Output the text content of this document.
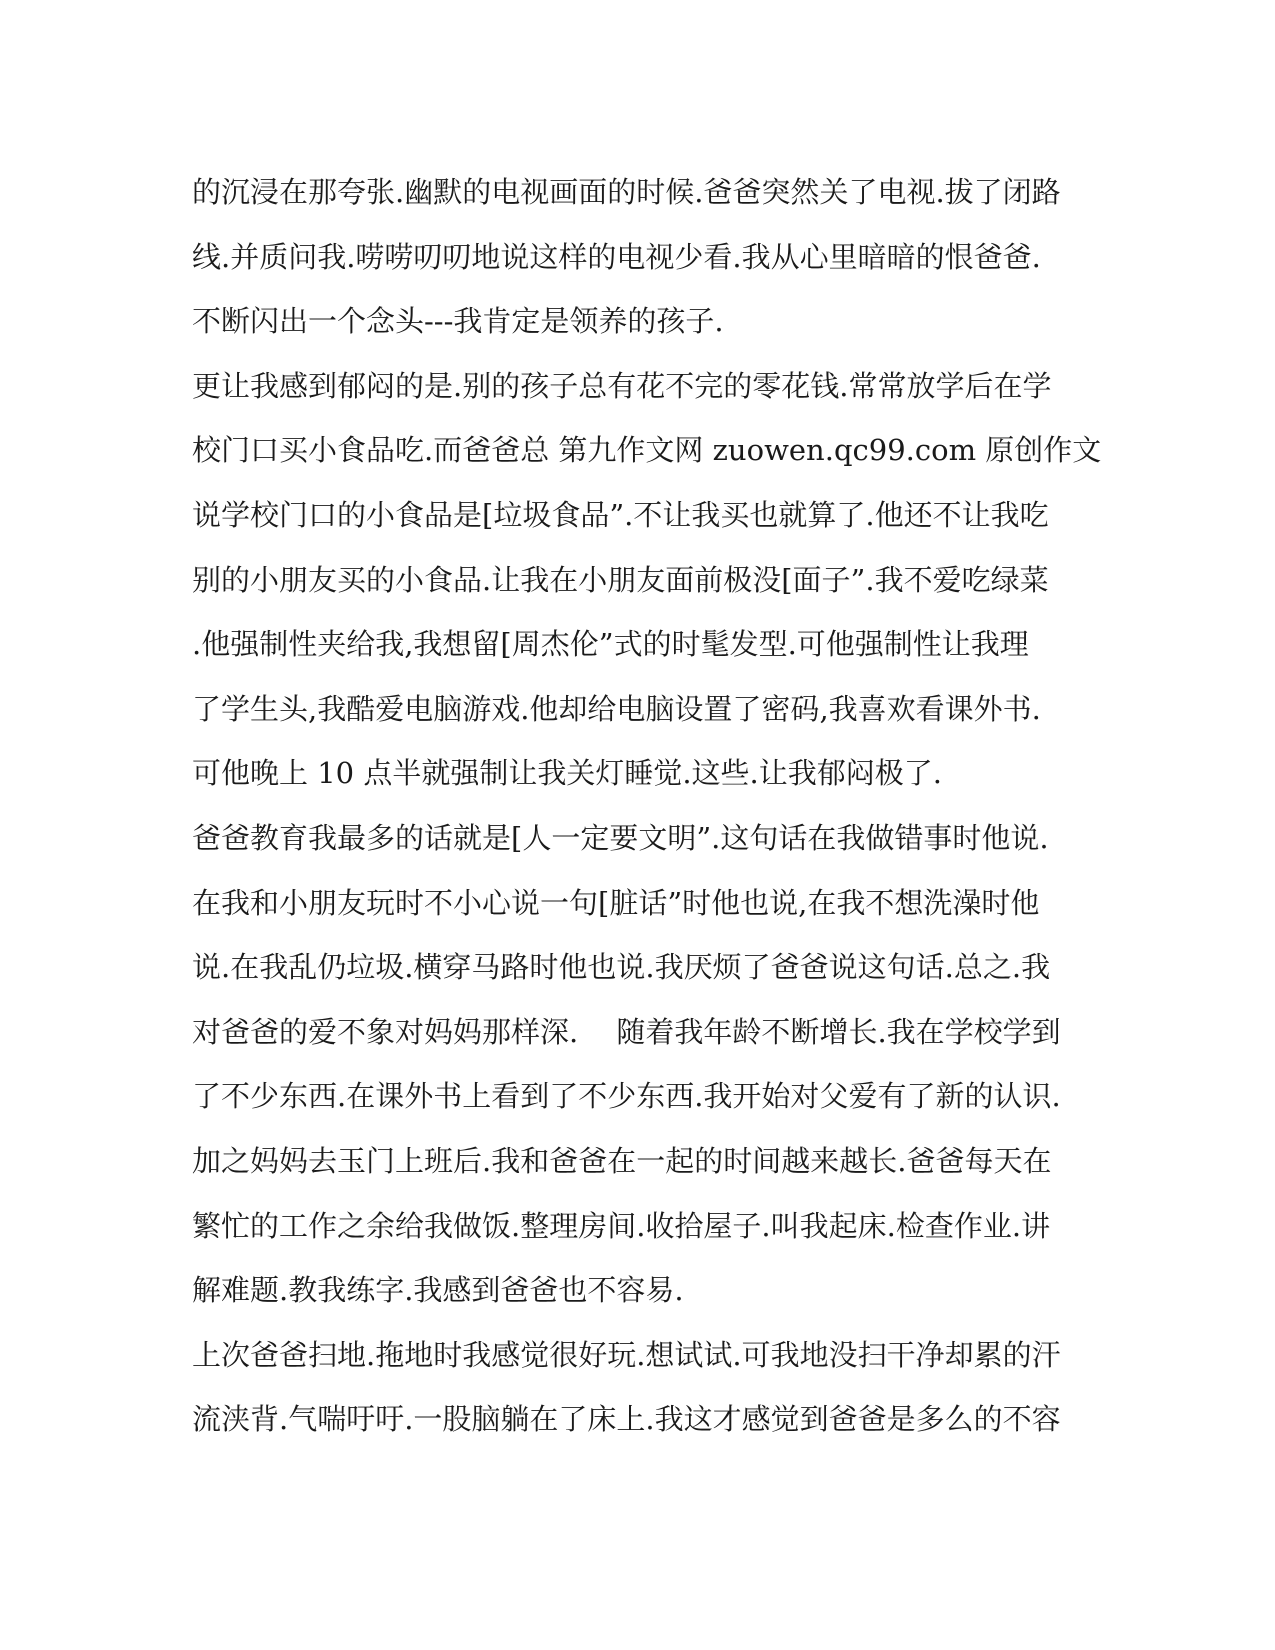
的沉浸在那夸张.幽默的电视画面的时候.爸爸突然关了电视.拔了闭路
线.并质问我.唠唠叨叨地说这样的电视少看.我从心里暗暗的恨爸爸.
不断闪出一个念头---我肯定是领养的孩子.
更让我感到郁闷的是.别的孩子总有花不完的零花钱.常常放学后在学
校门口买小食品吃.而爸爸总 第九作文网 zuowen.qc99.com 原创作文
说学校门口的小食品是[垃圾食品”.不让我买也就算了.他还不让我吃
别的小朋友买的小食品.让我在小朋友面前极没[面子”.我不爱吃绿菜
.他强制性夹给我,我想留[周杰伦”式的时髦发型.可他强制性让我理
了学生头,我酷爱电脑游戏.他却给电脑设置了密码,我喜欢看课外书.
可他晚上 10 点半就强制让我关灯睡觉.这些.让我郁闷极了.
爸爸教育我最多的话就是[人一定要文明”.这句话在我做错事时他说.
在我和小朋友玩时不小心说一句[脏话”时他也说,在我不想洗澡时他
说.在我乱仍垃圾.横穿马路时他也说.我厌烦了爸爸说这句话.总之.我
对爸爸的爱不象对妈妈那样深.　 随着我年龄不断增长.我在学校学到
了不少东西.在课外书上看到了不少东西.我开始对父爱有了新的认识.
加之妈妈去玉门上班后.我和爸爸在一起的时间越来越长.爸爸每天在
繁忙的工作之余给我做饭.整理房间.收拾屋子.叫我起床.检查作业.讲
解难题.教我练字.我感到爸爸也不容易.
上次爸爸扫地.拖地时我感觉很好玩.想试试.可我地没扫干净却累的汗
流浃背.气喘吁吁.一股脑躺在了床上.我这才感觉到爸爸是多么的不容
